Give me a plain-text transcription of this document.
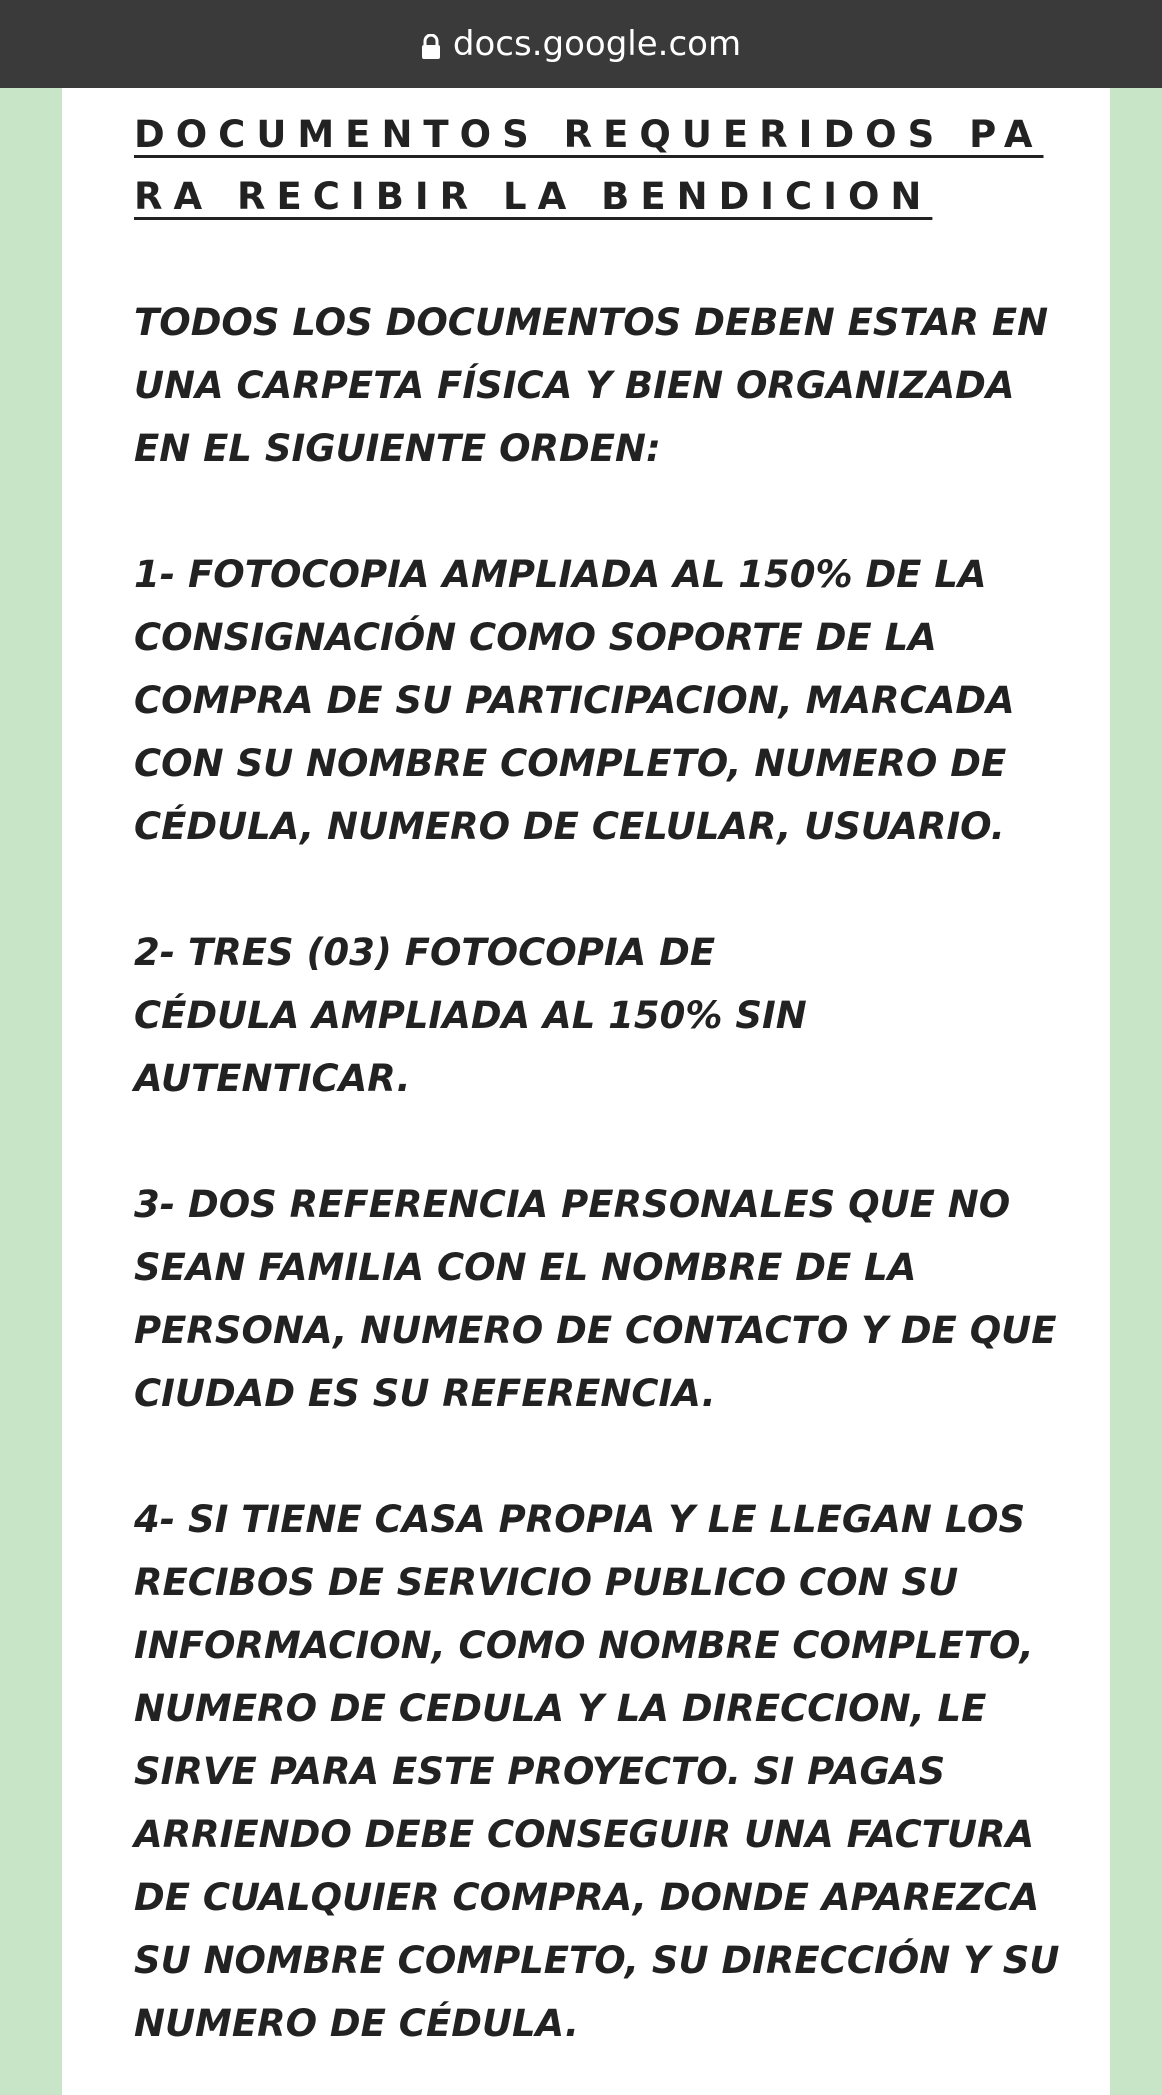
docs.google.com
DOCUMENTOS REQUERIDOS PA
RA RECIBIR LA BENDICION

TODOS LOS DOCUMENTOS DEBEN ESTAR EN
UNA CARPETA FÍSICA Y BIEN ORGANIZADA
EN EL SIGUIENTE ORDEN:

1- FOTOCOPIA AMPLIADA AL 150% DE LA
CONSIGNACIÓN COMO SOPORTE DE LA
COMPRA DE SU PARTICIPACION, MARCADA
CON SU NOMBRE COMPLETO, NUMERO DE
CÉDULA, NUMERO DE CELULAR, USUARIO.

2- TRES (03) FOTOCOPIA DE
CÉDULA AMPLIADA AL 150% SIN
AUTENTICAR.

3- DOS REFERENCIA PERSONALES QUE NO
SEAN FAMILIA CON EL NOMBRE DE LA
PERSONA, NUMERO DE CONTACTO Y DE QUE
CIUDAD ES SU REFERENCIA.

4- SI TIENE CASA PROPIA Y LE LLEGAN LOS
RECIBOS DE SERVICIO PUBLICO CON SU
INFORMACION, COMO NOMBRE COMPLETO,
NUMERO DE CEDULA Y LA DIRECCION, LE
SIRVE PARA ESTE PROYECTO. SI PAGAS
ARRIENDO DEBE CONSEGUIR UNA FACTURA
DE CUALQUIER COMPRA, DONDE APAREZCA
SU NOMBRE COMPLETO, SU DIRECCIÓN Y SU
NUMERO DE CÉDULA.
